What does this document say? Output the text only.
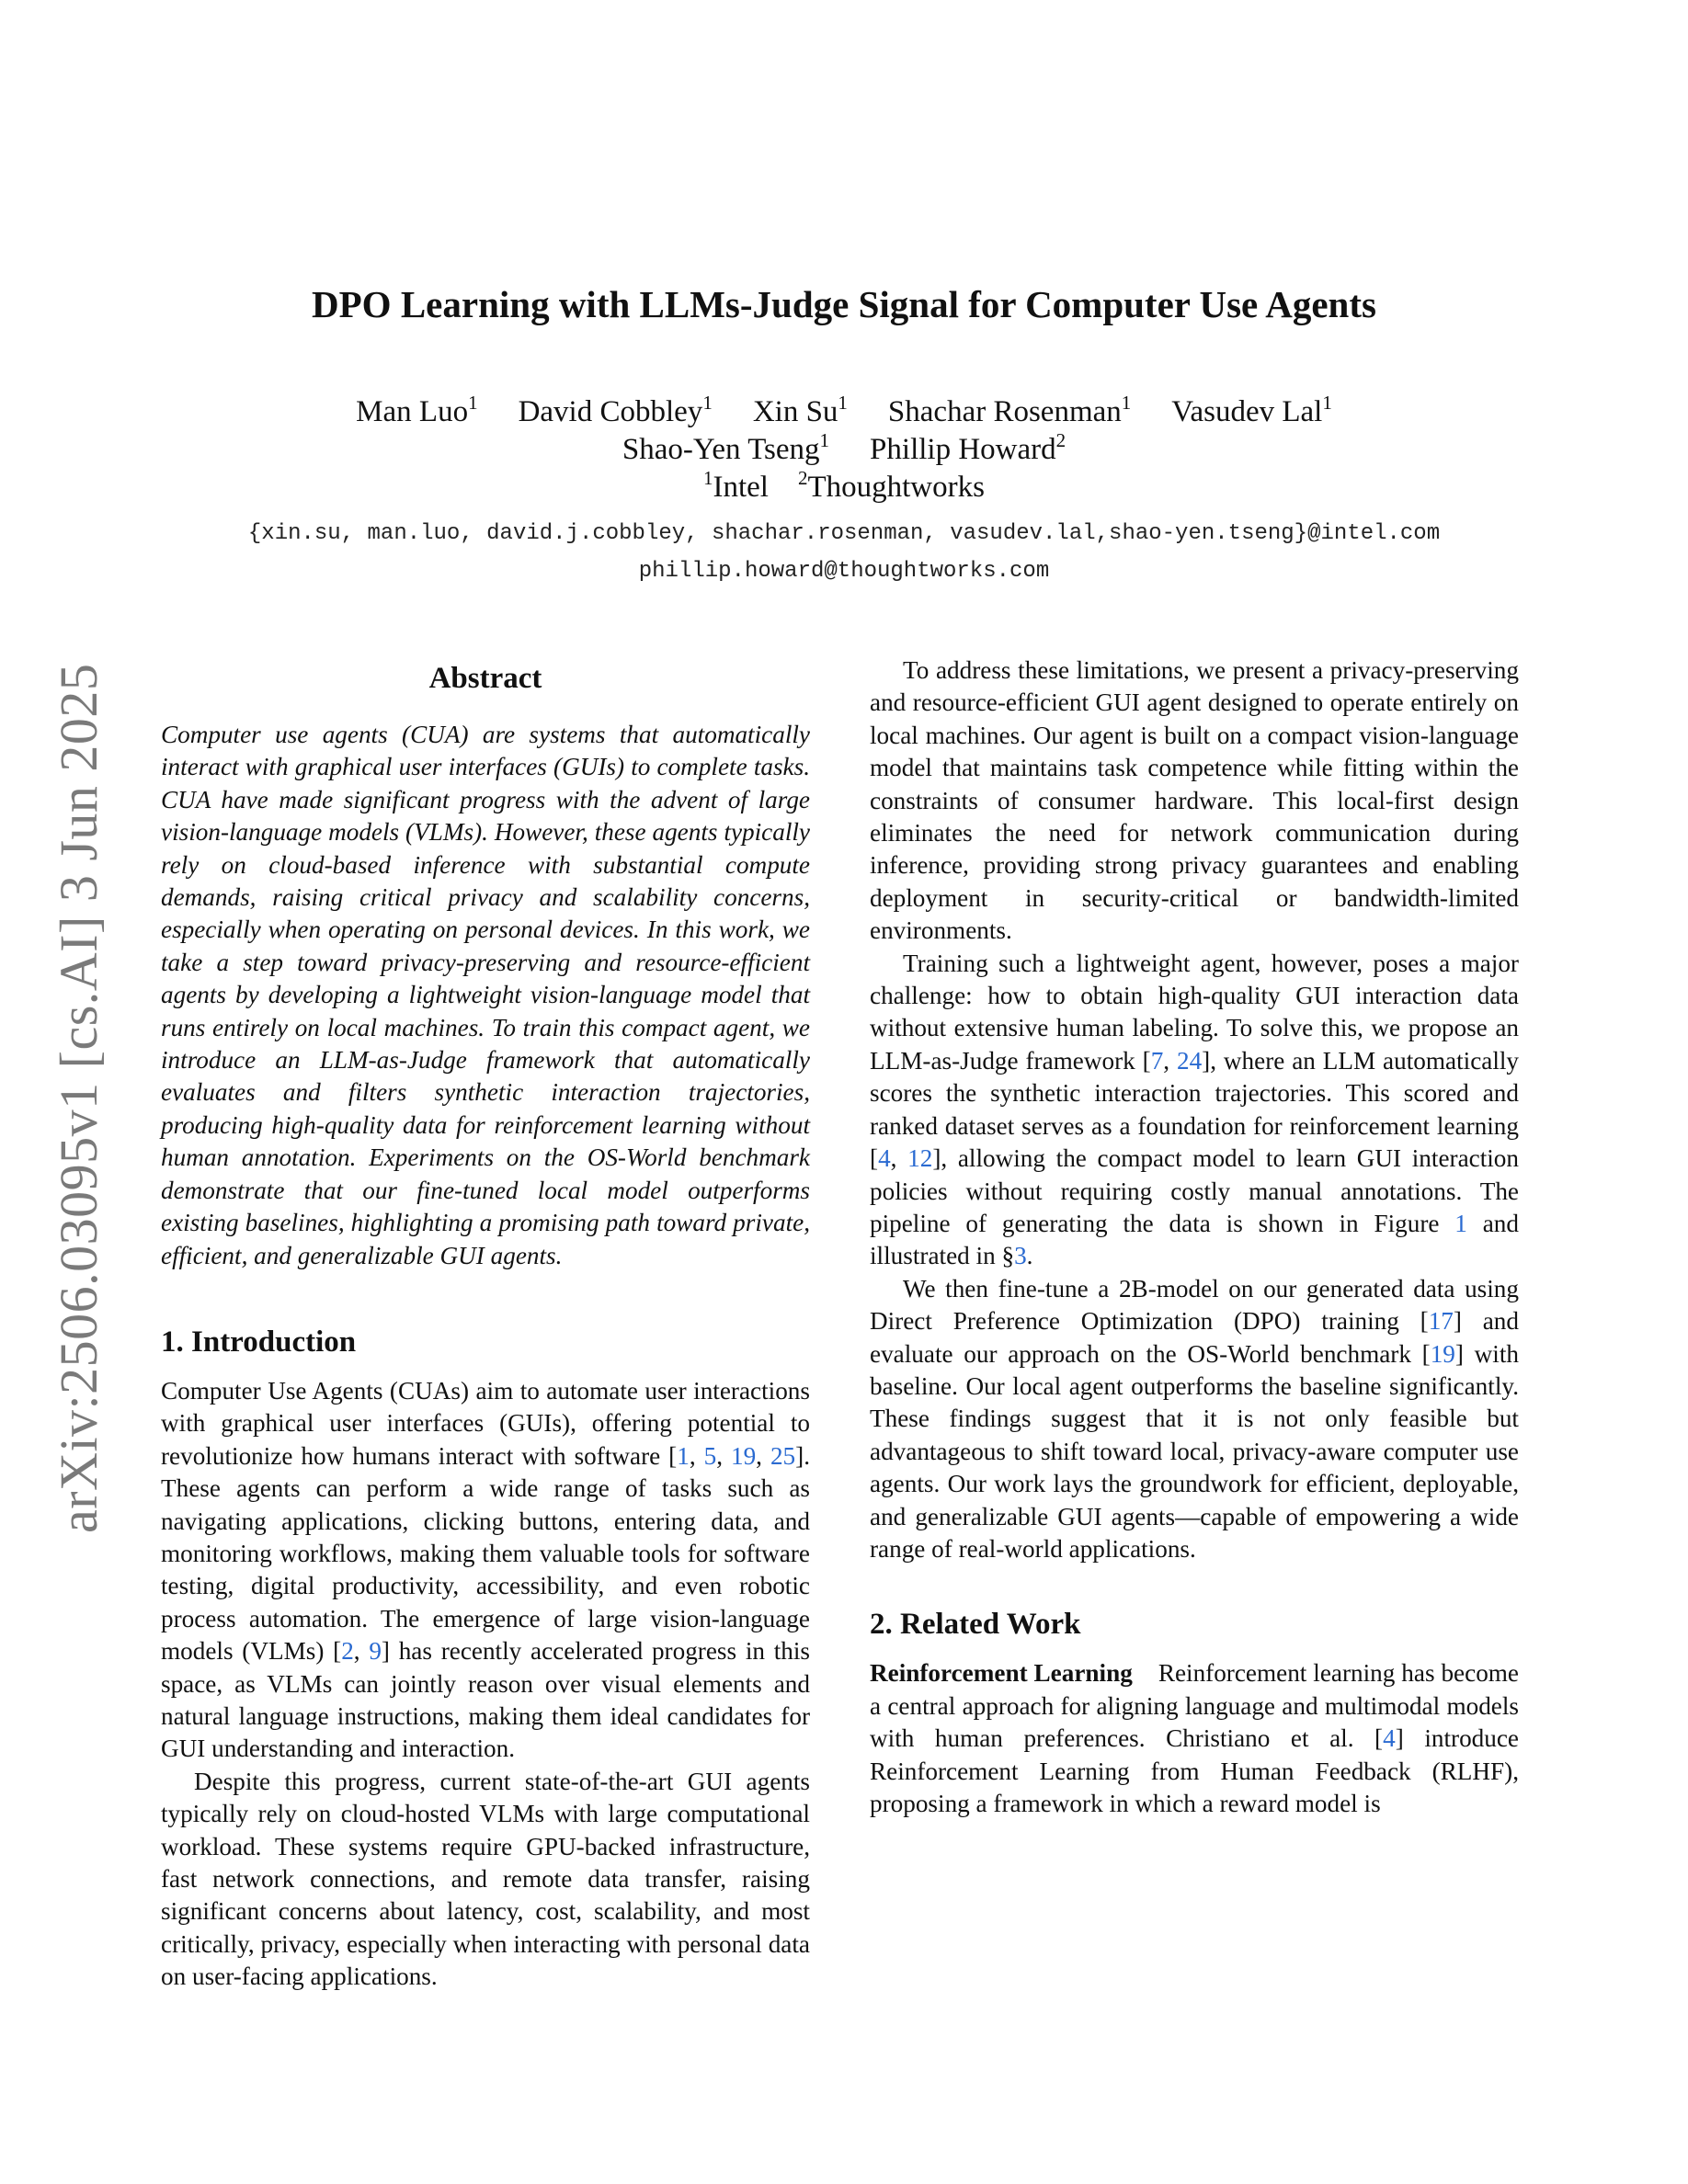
arXiv:2506.03095v1 [cs.AI] 3 Jun 2025
DPO Learning with LLMs-Judge Signal for Computer Use Agents
Man Luo$^1$ David Cobbley$^1$ Xin Su$^1$ Shachar Rosenman$^1$ Vasudev Lal$^1$
Shao-Yen Tseng$^1$ Phillip Howard$^2$
$^1$Intel $^2$Thoughtworks
{xin.su, man.luo, david.j.cobbley, shachar.rosenman, vasudev.lal,shao-yen.tseng}@intel.com
phillip.howard@thoughtworks.com
Abstract

Computer use agents (CUA) are systems that automatically interact with graphical user interfaces (GUIs) to complete tasks. CUA have made significant progress with the advent of large vision-language models (VLMs). However, these agents typically rely on cloud-based inference with substantial compute demands, raising critical privacy and scalability concerns, especially when operating on personal devices. In this work, we take a step toward privacy-preserving and resource-efficient agents by developing a lightweight vision-language model that runs entirely on local machines. To train this compact agent, we introduce an LLM-as-Judge framework that automatically evaluates and filters synthetic interaction trajectories, producing high-quality data for reinforcement learning without human annotation. Experiments on the OS-World benchmark demonstrate that our fine-tuned local model outperforms existing baselines, highlighting a promising path toward private, efficient, and generalizable GUI agents.

1. Introduction

Computer Use Agents (CUAs) aim to automate user interactions with graphical user interfaces (GUIs), offering potential to revolutionize how humans interact with software [1, 5, 19, 25]. These agents can perform a wide range of tasks such as navigating applications, clicking buttons, entering data, and monitoring workflows, making them valuable tools for software testing, digital productivity, accessibility, and even robotic process automation. The emergence of large vision-language models (VLMs) [2, 9] has recently accelerated progress in this space, as VLMs can jointly reason over visual elements and natural language instructions, making them ideal candidates for GUI understanding and interaction.

Despite this progress, current state-of-the-art GUI agents typically rely on cloud-hosted VLMs with large computational workload. These systems require GPU-backed infrastructure, fast network connections, and remote data transfer, raising significant concerns about latency, cost, scalability, and most critically, privacy, especially when interacting with personal data on user-facing applications.

To address these limitations, we present a privacy-preserving and resource-efficient GUI agent designed to operate entirely on local machines. Our agent is built on a compact vision-language model that maintains task competence while fitting within the constraints of consumer hardware. This local-first design eliminates the need for network communication during inference, providing strong privacy guarantees and enabling deployment in security-critical or bandwidth-limited environments.

Training such a lightweight agent, however, poses a major challenge: how to obtain high-quality GUI interaction data without extensive human labeling. To solve this, we propose an LLM-as-Judge framework [7, 24], where an LLM automatically scores the synthetic interaction trajectories. This scored and ranked dataset serves as a foundation for reinforcement learning [4, 12], allowing the compact model to learn GUI interaction policies without requiring costly manual annotations. The pipeline of generating the data is shown in Figure 1 and illustrated in §3.

We then fine-tune a 2B-model on our generated data using Direct Preference Optimization (DPO) training [17] and evaluate our approach on the OS-World benchmark [19] with baseline. Our local agent outperforms the baseline significantly. These findings suggest that it is not only feasible but advantageous to shift toward local, privacy-aware computer use agents. Our work lays the groundwork for efficient, deployable, and generalizable GUI agents—capable of empowering a wide range of real-world applications.

2. Related Work

Reinforcement Learning Reinforcement learning has become a central approach for aligning language and multimodal models with human preferences. Christiano et al. [4] introduce Reinforcement Learning from Human Feedback (RLHF), proposing a framework in which a reward model is
